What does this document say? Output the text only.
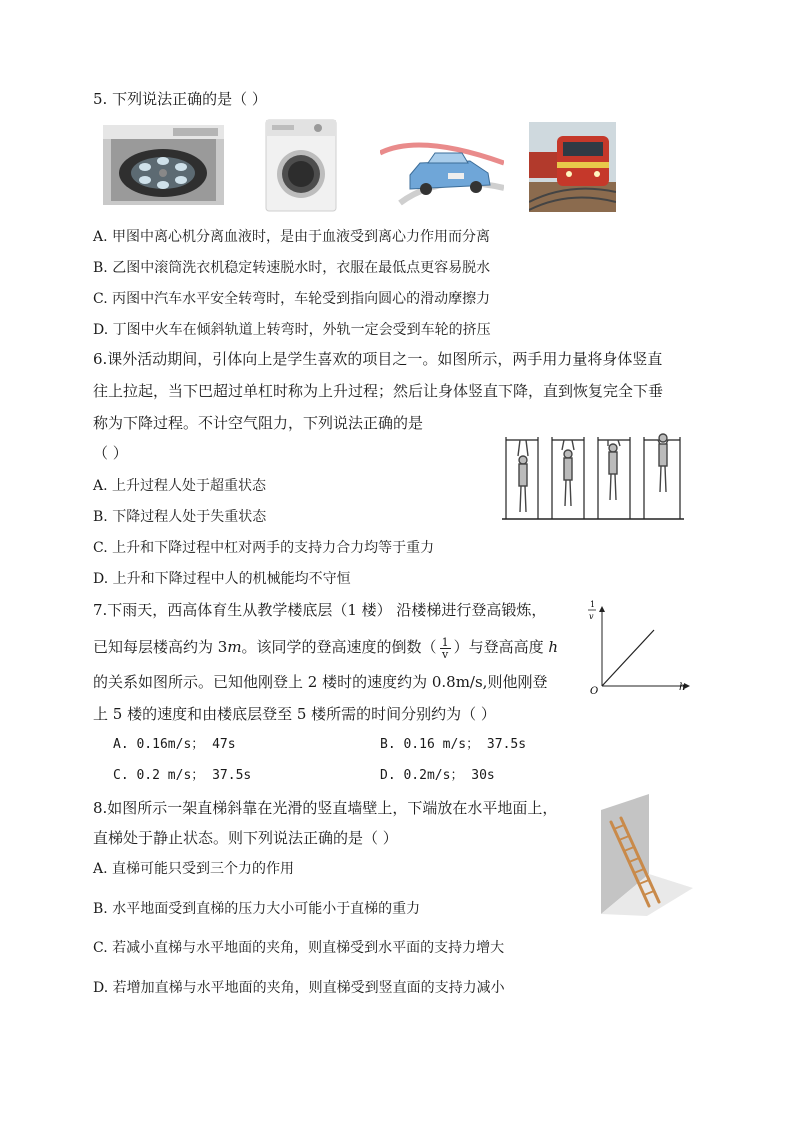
5. 下列说法正确的是（ ）
A. 甲图中离心机分离血液时，是由于血液受到离心力作用而分离
B. 乙图中滚筒洗衣机稳定转速脱水时，衣服在最低点更容易脱水
C. 丙图中汽车水平安全转弯时，车轮受到指向圆心的滑动摩擦力
D. 丁图中火车在倾斜轨道上转弯时，外轨一定会受到车轮的挤压
6.课外活动期间，引体向上是学生喜欢的项目之一。如图所示，两手用力量将身体竖直
往上拉起，当下巴超过单杠时称为上升过程；然后让身体竖直下降，直到恢复完全下垂
称为下降过程。不计空气阻力，下列说法正确的是
（ ）
A. 上升过程人处于超重状态
B. 下降过程人处于失重状态
C. 上升和下降过程中杠对两手的支持力合力均等于重力
D. 上升和下降过程中人的机械能均不守恒
7.下雨天，西高体育生从教学楼底层（1 楼） 沿楼梯进行登高锻炼，
已知每层楼高约为 3m。该同学的登高速度的倒数（ $\frac{1}{v}$ ）与登高高度 h
的关系如图所示。已知他刚登上 2 楼时的速度约为 0.8m/s,则他刚登
上 5 楼的速度和由楼底层登至 5 楼所需的时间分别约为（ ）
O	h
1
v
A. 0.16m/s； 47s	B. 0.16 m/s； 37.5s
C. 0.2 m/s； 37.5s	D. 0.2m/s； 30s
8.如图所示一架直梯斜靠在光滑的竖直墙壁上，下端放在水平地面上，
直梯处于静止状态。则下列说法正确的是（ ）
A. 直梯可能只受到三个力的作用
B. 水平地面受到直梯的压力大小可能小于直梯的重力
C. 若减小直梯与水平地面的夹角，则直梯受到水平面的支持力增大
D. 若增加直梯与水平地面的夹角，则直梯受到竖直面的支持力减小
